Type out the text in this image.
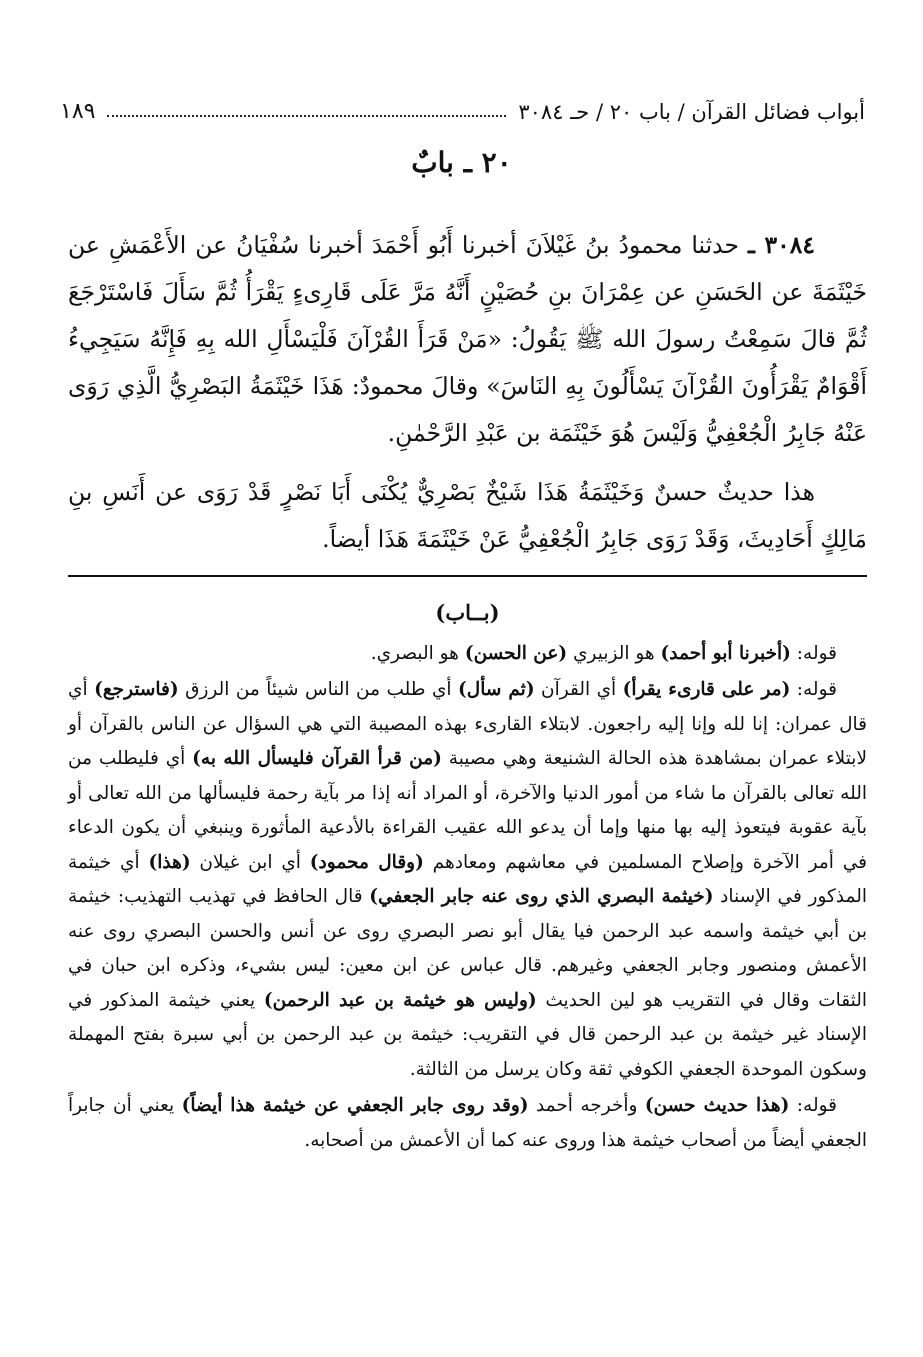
أبواب فضائل القرآن / باب ٢٠ / حـ ٣٠٨٤
١٨٩
٢٠ ـ بابٌ

٣٠٨٤ ـ حدثنا محمودُ بنُ غَيْلاَنَ أخبرنا أَبُو أَحْمَدَ أخبرنا سُفْيَانُ عن الأَعْمَشِ عن خَيْثَمَةَ عن الحَسَنِ عن عِمْرَانَ بنِ حُصَيْنٍ أَنَّهُ مَرَّ عَلَى قَارِىءٍ يَقْرَأُ ثُمَّ سَأَلَ فَاسْتَرْجَعَ ثُمَّ قالَ سَمِعْتُ رسولَ الله ﷺ يَقُولُ: «مَنْ قَرَأَ القُرْآنَ فَلْيَسْأَلِ الله بِهِ فَإِنَّهُ سَيَجِيءُ أَقْوَامٌ يَقْرَأُونَ القُرْآنَ يَسْأَلُونَ بِهِ النَاسَ» وقالَ محمودٌ: هَذَا خَيْثَمَةُ البَصْرِيُّ الَّذِي رَوَى عَنْهُ جَابِرُ الْجُعْفِيُّ وَلَيْسَ هُوَ خَيْثَمَة بن عَبْدِ الرَّحْمٰنِ.

هذا حديثٌ حسنٌ وَخَيْثَمَةُ هَذَا شَيْخٌ بَصْرِيٌّ يُكْنَى أَبَا نَصْرٍ قَدْ رَوَى عن أَنَسِ بنِ مَالِكٍ أَحَادِيثَ، وَقَدْ رَوَى جَابِرُ الْجُعْفِيُّ عَنْ خَيْثَمَةَ هَذَا أيضاً.

(بــاب)

قوله: (أخبرنا أبو أحمد) هو الزبيري (عن الحسن) هو البصري.

قوله: (مر على قارىء يقرأ) أي القرآن (ثم سأل) أي طلب من الناس شيئاً من الرزق (فاسترجع) أي قال عمران: إنا لله وإنا إليه راجعون. لابتلاء القارىء بهذه المصيبة التي هي السؤال عن الناس بالقرآن أو لابتلاء عمران بمشاهدة هذه الحالة الشنيعة وهي مصيبة (من قرأ القرآن فليسأل الله به) أي فليطلب من الله تعالى بالقرآن ما شاء من أمور الدنيا والآخرة، أو المراد أنه إذا مر بآية رحمة فليسألها من الله تعالى أو بآية عقوبة فيتعوذ إليه بها منها وإما أن يدعو الله عقيب القراءة بالأدعية المأثورة وينبغي أن يكون الدعاء في أمر الآخرة وإصلاح المسلمين في معاشهم ومعادهم (وقال محمود) أي ابن غيلان (هذا) أي خيثمة المذكور في الإسناد (خيثمة البصري الذي روى عنه جابر الجعفي) قال الحافظ في تهذيب التهذيب: خيثمة بن أبي خيثمة واسمه عبد الرحمن فيا يقال أبو نصر البصري روى عن أنس والحسن البصري روى عنه الأعمش ومنصور وجابر الجعفي وغيرهم. قال عباس عن ابن معين: ليس بشيء، وذكره ابن حبان في الثقات وقال في التقريب هو لين الحديث (وليس هو خيثمة بن عبد الرحمن) يعني خيثمة المذكور في الإسناد غير خيثمة بن عبد الرحمن قال في التقريب: خيثمة بن عبد الرحمن بن أبي سبرة بفتح المهملة وسكون الموحدة الجعفي الكوفي ثقة وكان يرسل من الثالثة.

قوله: (هذا حديث حسن) وأخرجه أحمد (وقد روى جابر الجعفي عن خيثمة هذا أيضاً) يعني أن جابراً الجعفي أيضاً من أصحاب خيثمة هذا وروى عنه كما أن الأعمش من أصحابه.
